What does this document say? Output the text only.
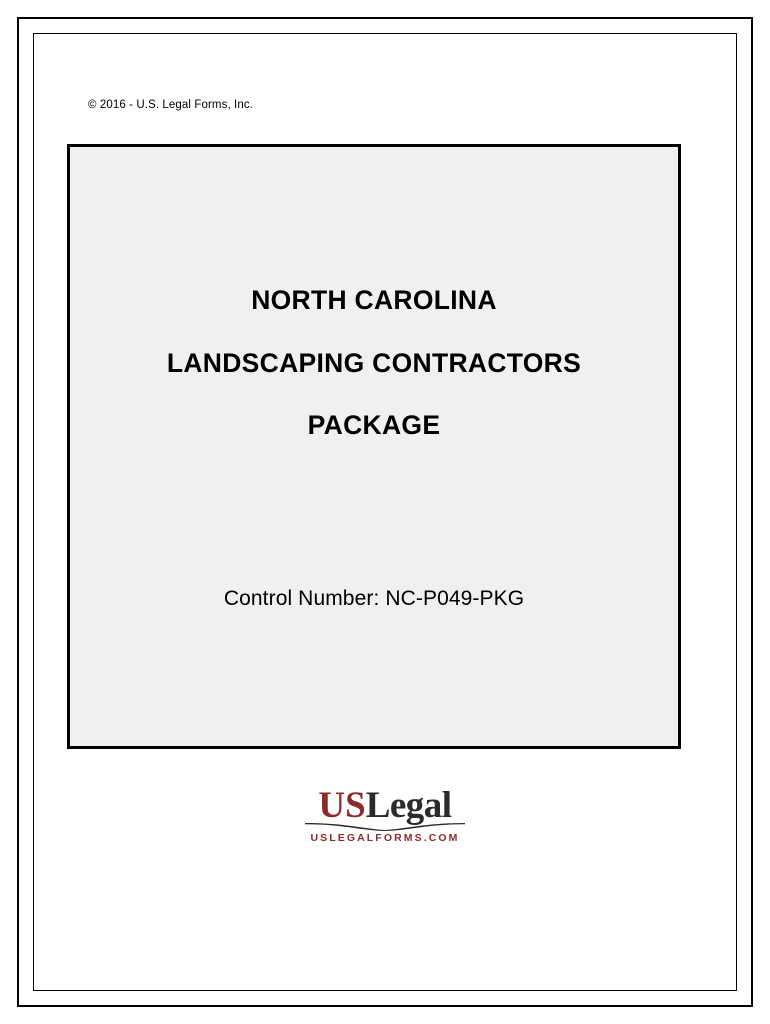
© 2016 - U.S. Legal Forms, Inc.
NORTH CAROLINA
LANDSCAPING CONTRACTORS
PACKAGE
Control Number: NC-P049-PKG
USLegal
USLEGALFORMS.COM
